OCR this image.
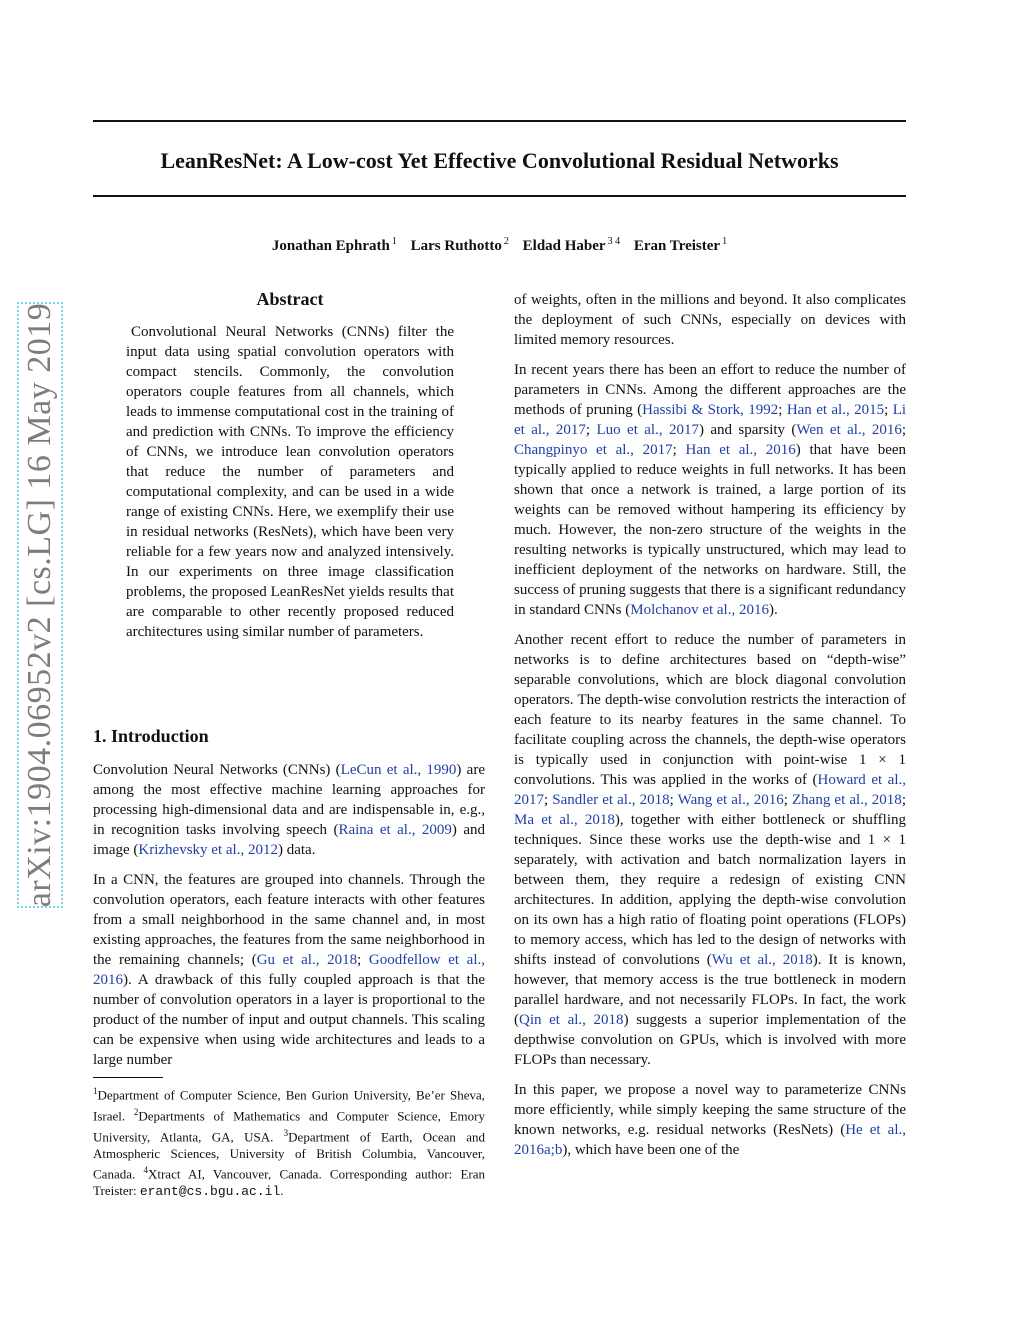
LeanResNet: A Low-cost Yet Effective Convolutional Residual Networks
Jonathan Ephrath $^1$ Lars Ruthotto $^2$ Eldad Haber $^{3 4}$ Eran Treister $^1$
arXiv:1904.06952v2 [cs.LG] 16 May 2019
Abstract

Convolutional Neural Networks (CNNs) filter the input data using spatial convolution operators with compact stencils. Commonly, the convolution operators couple features from all channels, which leads to immense computational cost in the training of and prediction with CNNs. To improve the efficiency of CNNs, we introduce lean convolution operators that reduce the number of parameters and computational complexity, and can be used in a wide range of existing CNNs. Here, we exemplify their use in residual networks (ResNets), which have been very reliable for a few years now and analyzed intensively. In our experiments on three image classification problems, the proposed LeanResNet yields results that are comparable to other recently proposed reduced architectures using similar number of parameters.

1. Introduction

Convolution Neural Networks (CNNs) (LeCun et al., 1990) are among the most effective machine learning approaches for processing high-dimensional data and are indispensable in, e.g., in recognition tasks involving speech (Raina et al., 2009) and image (Krizhevsky et al., 2012) data.

In a CNN, the features are grouped into channels. Through the convolution operators, each feature interacts with other features from a small neighborhood in the same channel and, in most existing approaches, the features from the same neighborhood in the remaining channels; (Gu et al., 2018; Goodfellow et al., 2016). A drawback of this fully coupled approach is that the number of convolution operators in a layer is proportional to the product of the number of input and output channels. This scaling can be expensive when using wide architectures and leads to a large number

$^1$Department of Computer Science, Ben Gurion University, Be’er Sheva, Israel. $^2$Departments of Mathematics and Computer Science, Emory University, Atlanta, GA, USA. $^3$Department of Earth, Ocean and Atmospheric Sciences, University of British Columbia, Vancouver, Canada. $^4$Xtract AI, Vancouver, Canada. Corresponding author: Eran Treister: erant@cs.bgu.ac.il.

of weights, often in the millions and beyond. It also complicates the deployment of such CNNs, especially on devices with limited memory resources.

In recent years there has been an effort to reduce the number of parameters in CNNs. Among the different approaches are the methods of pruning (Hassibi & Stork, 1992; Han et al., 2015; Li et al., 2017; Luo et al., 2017) and sparsity (Wen et al., 2016; Changpinyo et al., 2017; Han et al., 2016) that have been typically applied to reduce weights in full networks. It has been shown that once a network is trained, a large portion of its weights can be removed without hampering its efficiency by much. However, the non-zero structure of the weights in the resulting networks is typically unstructured, which may lead to inefficient deployment of the networks on hardware. Still, the success of pruning suggests that there is a significant redundancy in standard CNNs (Molchanov et al., 2016).

Another recent effort to reduce the number of parameters in networks is to define architectures based on “depth-wise” separable convolutions, which are block diagonal convolution operators. The depth-wise convolution restricts the interaction of each feature to its nearby features in the same channel. To facilitate coupling across the channels, the depth-wise operators is typically used in conjunction with point-wise 1 × 1 convolutions. This was applied in the works of (Howard et al., 2017; Sandler et al., 2018; Wang et al., 2016; Zhang et al., 2018; Ma et al., 2018), together with either bottleneck or shuffling techniques. Since these works use the depth-wise and 1 × 1 separately, with activation and batch normalization layers in between them, they require a redesign of existing CNN architectures. In addition, applying the depth-wise convolution on its own has a high ratio of floating point operations (FLOPs) to memory access, which has led to the design of networks with shifts instead of convolutions (Wu et al., 2018). It is known, however, that memory access is the true bottleneck in modern parallel hardware, and not necessarily FLOPs. In fact, the work (Qin et al., 2018) suggests a superior implementation of the depthwise convolution on GPUs, which is involved with more FLOPs than necessary.

In this paper, we propose a novel way to parameterize CNNs more efficiently, while simply keeping the same structure of the known networks, e.g. residual networks (ResNets) (He et al., 2016a;b), which have been one of the
